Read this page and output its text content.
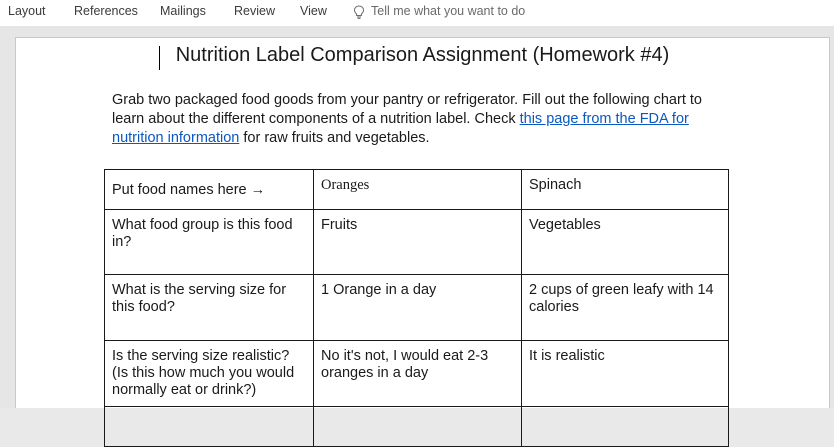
Layout References Mailings Review View	Tell me what you want to do
Nutrition Label Comparison Assignment (Homework #4)
Grab two packaged food goods from your pantry or refrigerator. Fill out the following chart to learn about the different components of a nutrition label. Check this page from the FDA for nutrition information for raw fruits and vegetables.
Put food names here →	Oranges	Spinach
What food group is this food in?	Fruits	Vegetables
What is the serving size for this food?	1 Orange in a day	2 cups of green leafy with 14 calories
Is the serving size realistic? (Is this how much you would normally eat or drink?)	No it's not, I would eat 2-3 oranges in a day	It is realistic
